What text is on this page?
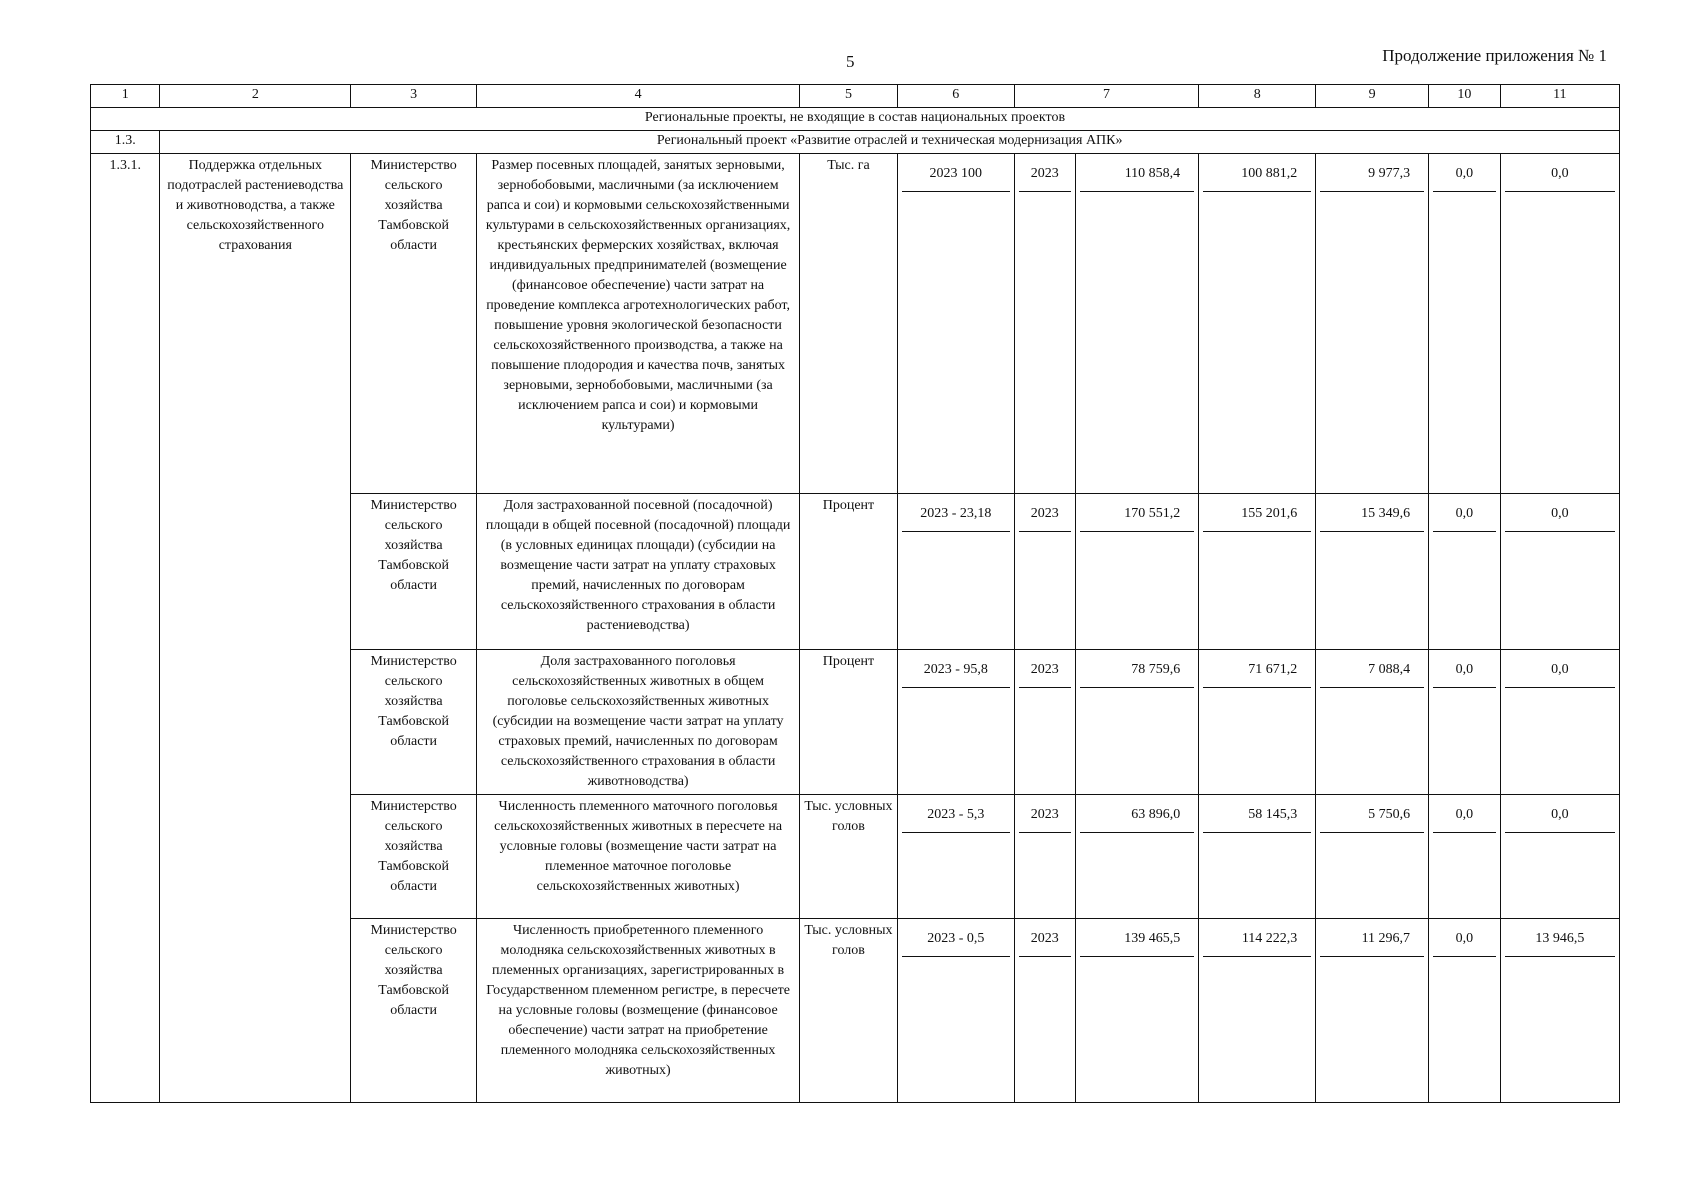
5	Продолжение приложения № 1
1	2	3	4	5	6	7		8	9	10	11
Региональные проекты, не входящие в состав национальных проектов											
1.3.	Региональный проект «Развитие отраслей и техническая модернизация АПК»										
1.3.1.	Поддержка отдельных подотраслей растениеводства и животноводства, а также сельскохозяйственного страхования	Министерство сельского хозяйства Тамбовской области	Размер посевных площадей, занятых зерновыми, зернобобовыми, масличными (за исключением рапса и сои) и кормовыми сельскохозяйственными культурами в сельскохозяйственных организациях, крестьянских фермерских хозяйствах, включая индивидуальных предпринимателей (возмещение (финансовое обеспечение) части затрат на проведение комплекса агротехнологических работ, повышение уровня экологической безопасности сельскохозяйственного производства, а также на повышение плодородия и качества почв, занятых зерновыми, зернобобовыми, масличными (за исключением рапса и сои) и кормовыми культурами)	Тыс. га	2023 100	2023	110 858,4	100 881,2	9 977,3	0,0	0,0

		Министерство сельского хозяйства Тамбовской области	Доля застрахованной посевной (посадочной) площади в общей посевной (посадочной) площади (в условных единицах площади) (субсидии на возмещение части затрат на уплату страховых премий, начисленных по договорам сельскохозяйственного страхования в области растениеводства)	Процент	2023 - 23,18	2023	170 551,2	155 201,6	15 349,6	0,0	0,0

		Министерство сельского хозяйства Тамбовской области	Доля застрахованного поголовья сельскохозяйственных животных в общем поголовье сельскохозяйственных животных (субсидии на возмещение части затрат на уплату страховых премий, начисленных по договорам сельскохозяйственного страхования в области животноводства)	Процент	2023 - 95,8	2023	78 759,6	71 671,2	7 088,4	0,0	0,0

		Министерство сельского хозяйства Тамбовской области	Численность племенного маточного поголовья сельскохозяйственных животных в пересчете на условные головы (возмещение части затрат на племенное маточное поголовье сельскохозяйственных животных)	Тыс. условных голов	2023 - 5,3	2023	63 896,0	58 145,3	5 750,6	0,0	0,0

		Министерство сельского хозяйства Тамбовской области	Численность приобретенного племенного молодняка сельскохозяйственных животных в племенных организациях, зарегистрированных в Государственном племенном регистре, в пересчете на условные головы (возмещение (финансовое обеспечение) части затрат на приобретение племенного молодняка сельскохозяйственных животных)	Тыс. условных голов	2023 - 0,5	2023	139 465,5	114 222,3	11 296,7	0,0	13 946,5
